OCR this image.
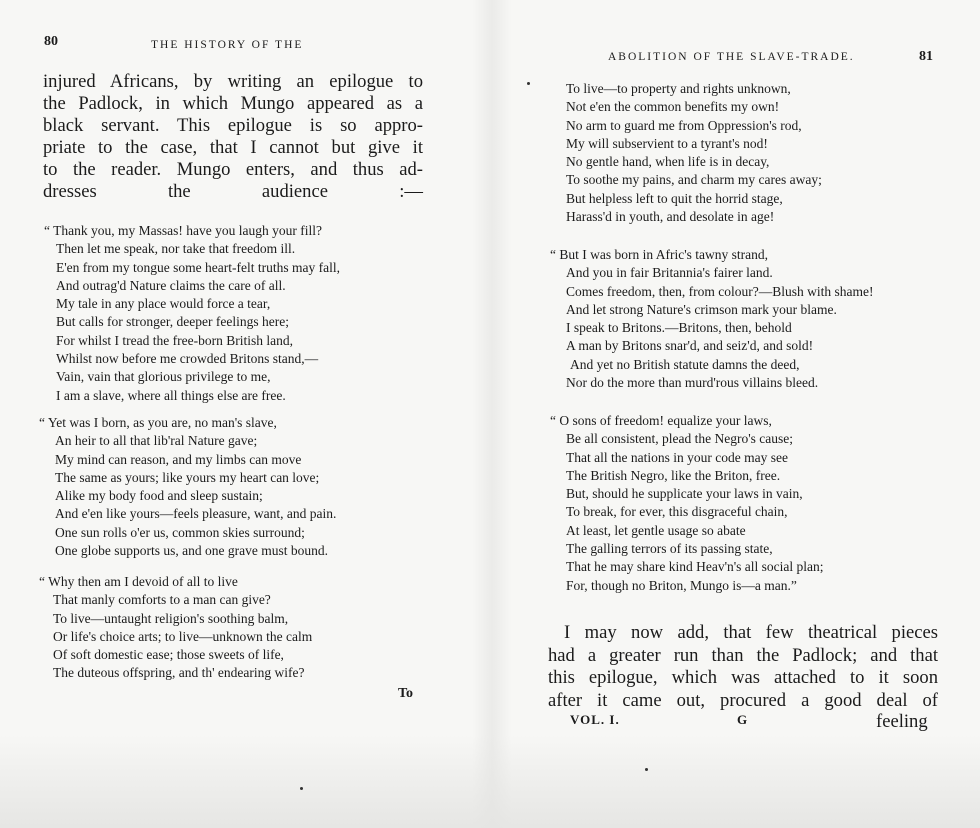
80	THE HISTORY OF THE
injured Africans, by writing an epilogue to
the Padlock, in which Mungo appeared as a
black servant. This epilogue is so appro-
priate to the case, that I cannot but give it
to the reader. Mungo enters, and thus ad-
dresses the audience :—
“ Thank you, my Massas! have you laugh your fill?
Then let me speak, nor take that freedom ill.
E'en from my tongue some heart-felt truths may fall,
And outrag'd Nature claims the care of all.
My tale in any place would force a tear,
But calls for stronger, deeper feelings here;
For whilst I tread the free-born British land,
Whilst now before me crowded Britons stand,—
Vain, vain that glorious privilege to me,
I am a slave, where all things else are free.
“ Yet was I born, as you are, no man's slave,
An heir to all that lib'ral Nature gave;
My mind can reason, and my limbs can move
The same as yours; like yours my heart can love;
Alike my body food and sleep sustain;
And e'en like yours—feels pleasure, want, and pain.
One sun rolls o'er us, common skies surround;
One globe supports us, and one grave must bound.
“ Why then am I devoid of all to live
That manly comforts to a man can give?
To live—untaught religion's soothing balm,
Or life's choice arts; to live—unknown the calm
Of soft domestic ease; those sweets of life,
The duteous offspring, and th' endearing wife?
To
ABOLITION OF THE SLAVE-TRADE.	81
To live—to property and rights unknown,
Not e'en the common benefits my own!
No arm to guard me from Oppression's rod,
My will subservient to a tyrant's nod!
No gentle hand, when life is in decay,
To soothe my pains, and charm my cares away;
But helpless left to quit the horrid stage,
Harass'd in youth, and desolate in age!
“ But I was born in Afric's tawny strand,
And you in fair Britannia's fairer land.
Comes freedom, then, from colour?—Blush with shame!
And let strong Nature's crimson mark your blame.
I speak to Britons.—Britons, then, behold
A man by Britons snar'd, and seiz'd, and sold!
And yet no British statute damns the deed,
Nor do the more than murd'rous villains bleed.
“ O sons of freedom! equalize your laws,
Be all consistent, plead the Negro's cause;
That all the nations in your code may see
The British Negro, like the Briton, free.
But, should he supplicate your laws in vain,
To break, for ever, this disgraceful chain,
At least, let gentle usage so abate
The galling terrors of its passing state,
That he may share kind Heav'n's all social plan;
For, though no Briton, Mungo is—a man.”
I may now add, that few theatrical pieces
had a greater run than the Padlock; and that
this epilogue, which was attached to it soon
after it came out, procured a good deal of
VOL. I.	G	feeling
